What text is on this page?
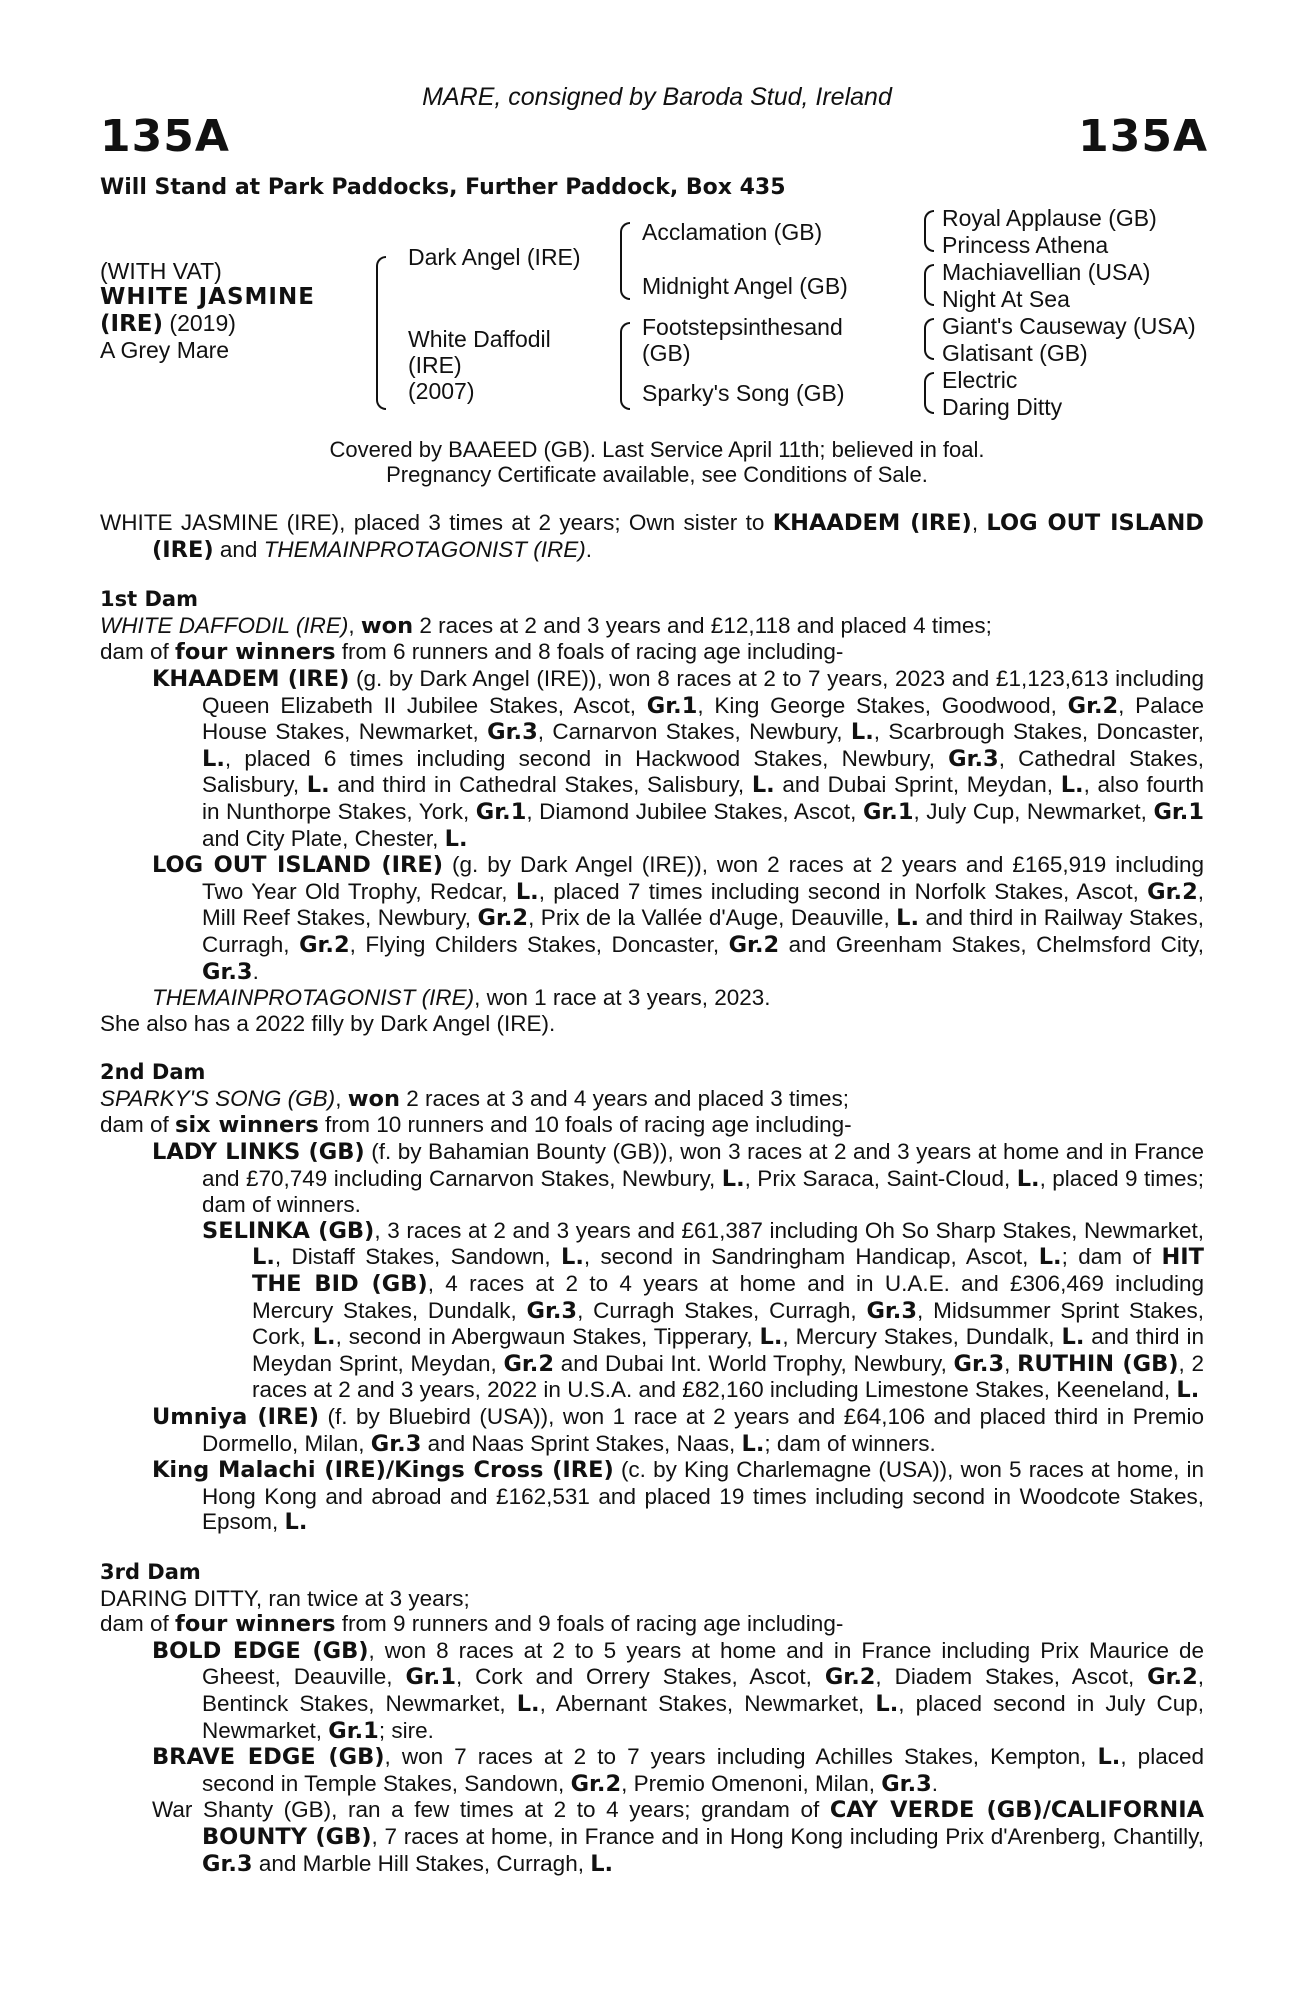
MARE, consigned by Baroda Stud, Ireland
135A	135A
Will Stand at Park Paddocks, Further Paddock, Box 435
(WITH VAT)
WHITE JASMINE
(IRE) (2019)
A Grey Mare
Dark Angel (IRE)
White Daffodil
(IRE)
(2007)
Acclamation (GB)
Midnight Angel (GB)
Footstepsinthesand
(GB)
Sparky's Song (GB)
Royal Applause (GB)
Princess Athena
Machiavellian (USA)
Night At Sea
Giant's Causeway (USA)
Glatisant (GB)
Electric
Daring Ditty
Covered by BAAEED (GB). Last Service April 11th; believed in foal.
Pregnancy Certificate available, see Conditions of Sale.

WHITE JASMINE (IRE), placed 3 times at 2 years; Own sister to KHAADEM (IRE), LOG OUT ISLAND (IRE) and THEMAINPROTAGONIST (IRE).

1st Dam

WHITE DAFFODIL (IRE), won 2 races at 2 and 3 years and £12,118 and placed 4 times;

dam of four winners from 6 runners and 8 foals of racing age including-

KHAADEM (IRE) (g. by Dark Angel (IRE)), won 8 races at 2 to 7 years, 2023 and £1,123,613 including Queen Elizabeth II Jubilee Stakes, Ascot, Gr.1, King George Stakes, Goodwood, Gr.2, Palace House Stakes, Newmarket, Gr.3, Carnarvon Stakes, Newbury, L., Scarbrough Stakes, Doncaster, L., placed 6 times including second in Hackwood Stakes, Newbury, Gr.3, Cathedral Stakes, Salisbury, L. and third in Cathedral Stakes, Salisbury, L. and Dubai Sprint, Meydan, L., also fourth in Nunthorpe Stakes, York, Gr.1, Diamond Jubilee Stakes, Ascot, Gr.1, July Cup, Newmarket, Gr.1 and City Plate, Chester, L.

LOG OUT ISLAND (IRE) (g. by Dark Angel (IRE)), won 2 races at 2 years and £165,919 including Two Year Old Trophy, Redcar, L., placed 7 times including second in Norfolk Stakes, Ascot, Gr.2, Mill Reef Stakes, Newbury, Gr.2, Prix de la Vallée d'Auge, Deauville, L. and third in Railway Stakes, Curragh, Gr.2, Flying Childers Stakes, Doncaster, Gr.2 and Greenham Stakes, Chelmsford City, Gr.3.

THEMAINPROTAGONIST (IRE), won 1 race at 3 years, 2023.

She also has a 2022 filly by Dark Angel (IRE).

2nd Dam

SPARKY'S SONG (GB), won 2 races at 3 and 4 years and placed 3 times;

dam of six winners from 10 runners and 10 foals of racing age including-

LADY LINKS (GB) (f. by Bahamian Bounty (GB)), won 3 races at 2 and 3 years at home and in France and £70,749 including Carnarvon Stakes, Newbury, L., Prix Saraca, Saint-Cloud, L., placed 9 times; dam of winners.

SELINKA (GB), 3 races at 2 and 3 years and £61,387 including Oh So Sharp Stakes, Newmarket, L., Distaff Stakes, Sandown, L., second in Sandringham Handicap, Ascot, L.; dam of HIT THE BID (GB), 4 races at 2 to 4 years at home and in U.A.E. and £306,469 including Mercury Stakes, Dundalk, Gr.3, Curragh Stakes, Curragh, Gr.3, Midsummer Sprint Stakes, Cork, L., second in Abergwaun Stakes, Tipperary, L., Mercury Stakes, Dundalk, L. and third in Meydan Sprint, Meydan, Gr.2 and Dubai Int. World Trophy, Newbury, Gr.3, RUTHIN (GB), 2 races at 2 and 3 years, 2022 in U.S.A. and £82,160 including Limestone Stakes, Keeneland, L.

Umniya (IRE) (f. by Bluebird (USA)), won 1 race at 2 years and £64,106 and placed third in Premio Dormello, Milan, Gr.3 and Naas Sprint Stakes, Naas, L.; dam of winners.

King Malachi (IRE)/Kings Cross (IRE) (c. by King Charlemagne (USA)), won 5 races at home, in Hong Kong and abroad and £162,531 and placed 19 times including second in Woodcote Stakes, Epsom, L.

3rd Dam

DARING DITTY, ran twice at 3 years;

dam of four winners from 9 runners and 9 foals of racing age including-

BOLD EDGE (GB), won 8 races at 2 to 5 years at home and in France including Prix Maurice de Gheest, Deauville, Gr.1, Cork and Orrery Stakes, Ascot, Gr.2, Diadem Stakes, Ascot, Gr.2, Bentinck Stakes, Newmarket, L., Abernant Stakes, Newmarket, L., placed second in July Cup, Newmarket, Gr.1; sire.

BRAVE EDGE (GB), won 7 races at 2 to 7 years including Achilles Stakes, Kempton, L., placed second in Temple Stakes, Sandown, Gr.2, Premio Omenoni, Milan, Gr.3.

War Shanty (GB), ran a few times at 2 to 4 years; grandam of CAY VERDE (GB)/CALIFORNIA BOUNTY (GB), 7 races at home, in France and in Hong Kong including Prix d'Arenberg, Chantilly, Gr.3 and Marble Hill Stakes, Curragh, L.
